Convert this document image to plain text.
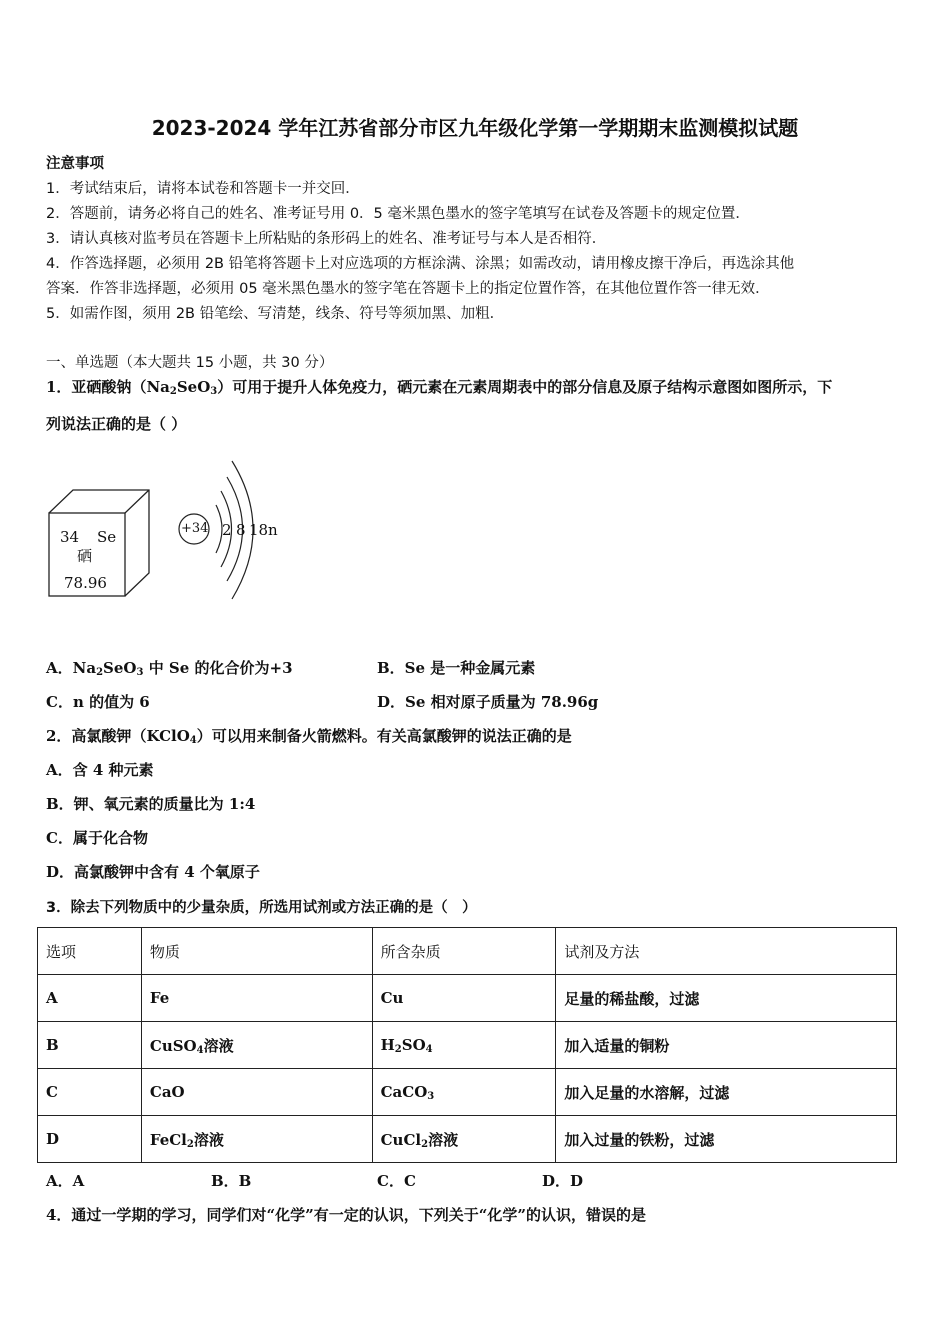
2023-2024 学年江苏省部分市区九年级化学第一学期期末监测模拟试题
注意事项
1．考试结束后，请将本试卷和答题卡一并交回．
2．答题前，请务必将自己的姓名、准考证号用 0．5 毫米黑色墨水的签字笔填写在试卷及答题卡的规定位置．
3．请认真核对监考员在答题卡上所粘贴的条形码上的姓名、准考证号与本人是否相符．
4．作答选择题，必须用 2B 铅笔将答题卡上对应选项的方框涂满、涂黑；如需改动，请用橡皮擦干净后，再选涂其他
答案．作答非选择题，必须用 05 毫米黑色墨水的签字笔在答题卡上的指定位置作答，在其他位置作答一律无效．
5．如需作图，须用 2B 铅笔绘、写清楚，线条、符号等须加黑、加粗．
一、单选题（本大题共 15 小题，共 30 分）
1．亚硒酸钠$(Na_2SeO_3)$可用于提升人体免疫力，硒元素在元素周期表中的部分信息及原子结构示意图如图所示，下
列说法正确的是（ ）
34 Se
硒
78.96
+34 2 8 18 n
A．$Na_2SeO_3$ 中 Se 的化合价为+3	B．Se 是一种金属元素
C．n 的值为 6	D．Se 相对原子质量为 78.96g
2．高氯酸钾（KClO$_4$）可以用来制备火箭燃料。有关高氯酸钾的说法正确的是
A．含 4 种元素
B．钾、氧元素的质量比为 1:4
C．属于化合物
D．高氯酸钾中含有 4 个氧原子
3．除去下列物质中的少量杂质，所选用试剂或方法正确的是（　）
选项	物质	所含杂质	试剂及方法
A	Fe	Cu	足量的稀盐酸，过滤
B	CuSO$_4$溶液	$H_2SO_4$	加入适量的铜粉
C	CaO	CaCO$_3$	加入足量的水溶解，过滤
D	FeCl$_2$溶液	CuCl$_2$溶液	加入过量的铁粉，过滤
A．A	B．B	C．C	D．D
4．通过一学期的学习，同学们对“化学”有一定的认识，下列关于“化学”的认识，错误的是
